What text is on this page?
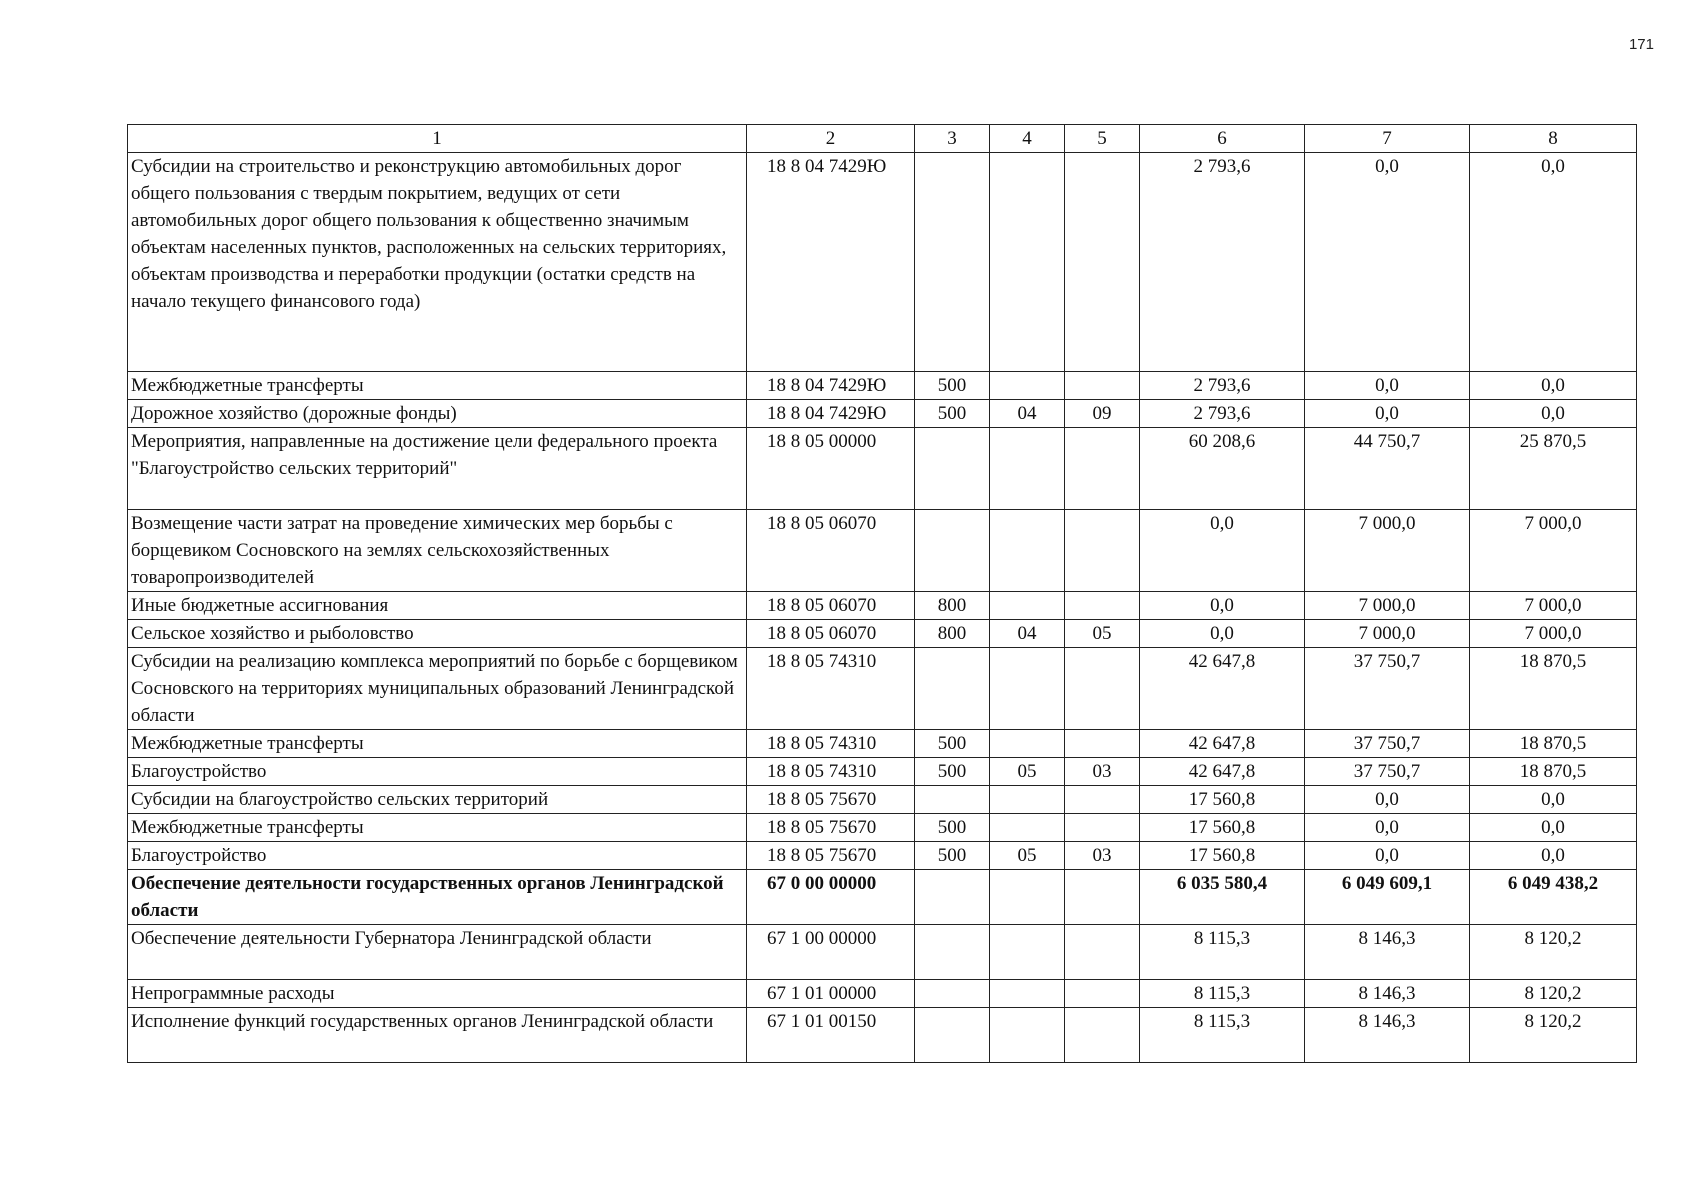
171
1	2	3	4	5	6	7	8
Субсидии на строительство и реконструкцию автомобильных дорог общего пользования с твердым покрытием, ведущих от сети автомобильных дорог общего пользования к общественно значимым объектам населенных пунктов, расположенных на сельских территориях, объектам производства и переработки продукции (остатки средств на начало текущего финансового года)	18 8 04 7429Ю				2 793,6	0,0	0,0
Межбюджетные трансферты	18 8 04 7429Ю	500			2 793,6	0,0	0,0
Дорожное хозяйство (дорожные фонды)	18 8 04 7429Ю	500	04	09	2 793,6	0,0	0,0
Мероприятия, направленные на достижение цели федерального проекта "Благоустройство сельских территорий"	18 8 05 00000				60 208,6	44 750,7	25 870,5
Возмещение части затрат на проведение химических мер борьбы с борщевиком Сосновского на землях сельскохозяйственных товаропроизводителей	18 8 05 06070				0,0	7 000,0	7 000,0
Иные бюджетные ассигнования	18 8 05 06070	800			0,0	7 000,0	7 000,0
Сельское хозяйство и рыболовство	18 8 05 06070	800	04	05	0,0	7 000,0	7 000,0
Субсидии на реализацию комплекса мероприятий по борьбе с борщевиком Сосновского на территориях муниципальных образований Ленинградской области	18 8 05 74310				42 647,8	37 750,7	18 870,5
Межбюджетные трансферты	18 8 05 74310	500			42 647,8	37 750,7	18 870,5
Благоустройство	18 8 05 74310	500	05	03	42 647,8	37 750,7	18 870,5
Субсидии на благоустройство сельских территорий	18 8 05 75670				17 560,8	0,0	0,0
Межбюджетные трансферты	18 8 05 75670	500			17 560,8	0,0	0,0
Благоустройство	18 8 05 75670	500	05	03	17 560,8	0,0	0,0
Обеспечение деятельности государственных органов Ленинградской области	67 0 00 00000				6 035 580,4	6 049 609,1	6 049 438,2
Обеспечение деятельности Губернатора Ленинградской области	67 1 00 00000				8 115,3	8 146,3	8 120,2
Непрограммные расходы	67 1 01 00000				8 115,3	8 146,3	8 120,2
Исполнение функций государственных органов Ленинградской области	67 1 01 00150				8 115,3	8 146,3	8 120,2
